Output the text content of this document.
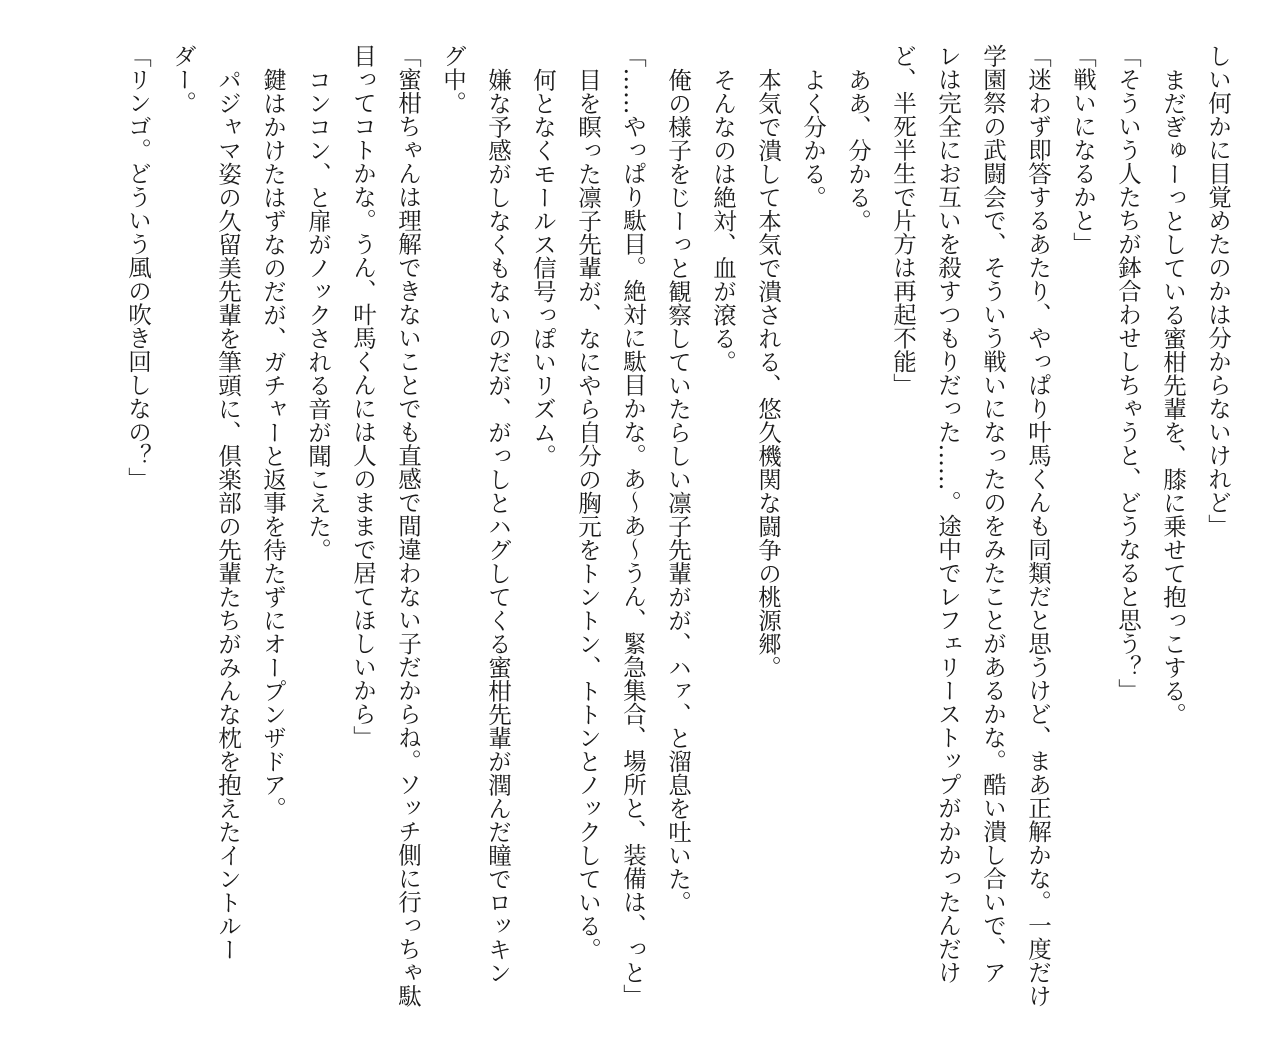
しい何かに目覚めたのかは分からないけれど」
まだぎゅーっとしている蜜柑先輩を、膝に乗せて抱っこする。
「そういう人たちが鉢合わせしちゃうと、どうなると思う？」
「戦いになるかと」
「迷わず即答するあたり、やっぱり叶馬くんも同類だと思うけど、まあ正解かな。一度だけ
学園祭の武闘会で、そういう戦いになったのをみたことがあるかな。酷い潰し合いで、ア
レは完全にお互いを殺すつもりだった……。途中でレフェリーストップがかかったんだけ
ど、半死半生で片方は再起不能」
ああ、分かる。
よく分かる。
本気で潰して本気で潰される、悠久機関な闘争の桃源郷。
そんなのは絶対、血が滾る。
俺の様子をじーっと観察していたらしい凛子先輩がが、ハァ、と溜息を吐いた。
「……やっぱり駄目。絶対に駄目かな。あ～あ～うん、緊急集合、場所と、装備は、っと」
目を瞑った凛子先輩が、なにやら自分の胸元をトントン、トトンとノックしている。
何となくモールス信号っぽいリズム。
嫌な予感がしなくもないのだが、がっしとハグしてくる蜜柑先輩が潤んだ瞳でロッキン
グ中。
「蜜柑ちゃんは理解できないことでも直感で間違わない子だからね。ソッチ側に行っちゃ駄
目ってコトかな。うん、叶馬くんには人のままで居てほしいから」
コンコン、と扉がノックされる音が聞こえた。
鍵はかけたはずなのだが、ガチャーと返事を待たずにオープンザドア。
パジャマ姿の久留美先輩を筆頭に、倶楽部の先輩たちがみんな枕を抱えたイントルー
ダー。
「リンゴ。どういう風の吹き回しなの？」
